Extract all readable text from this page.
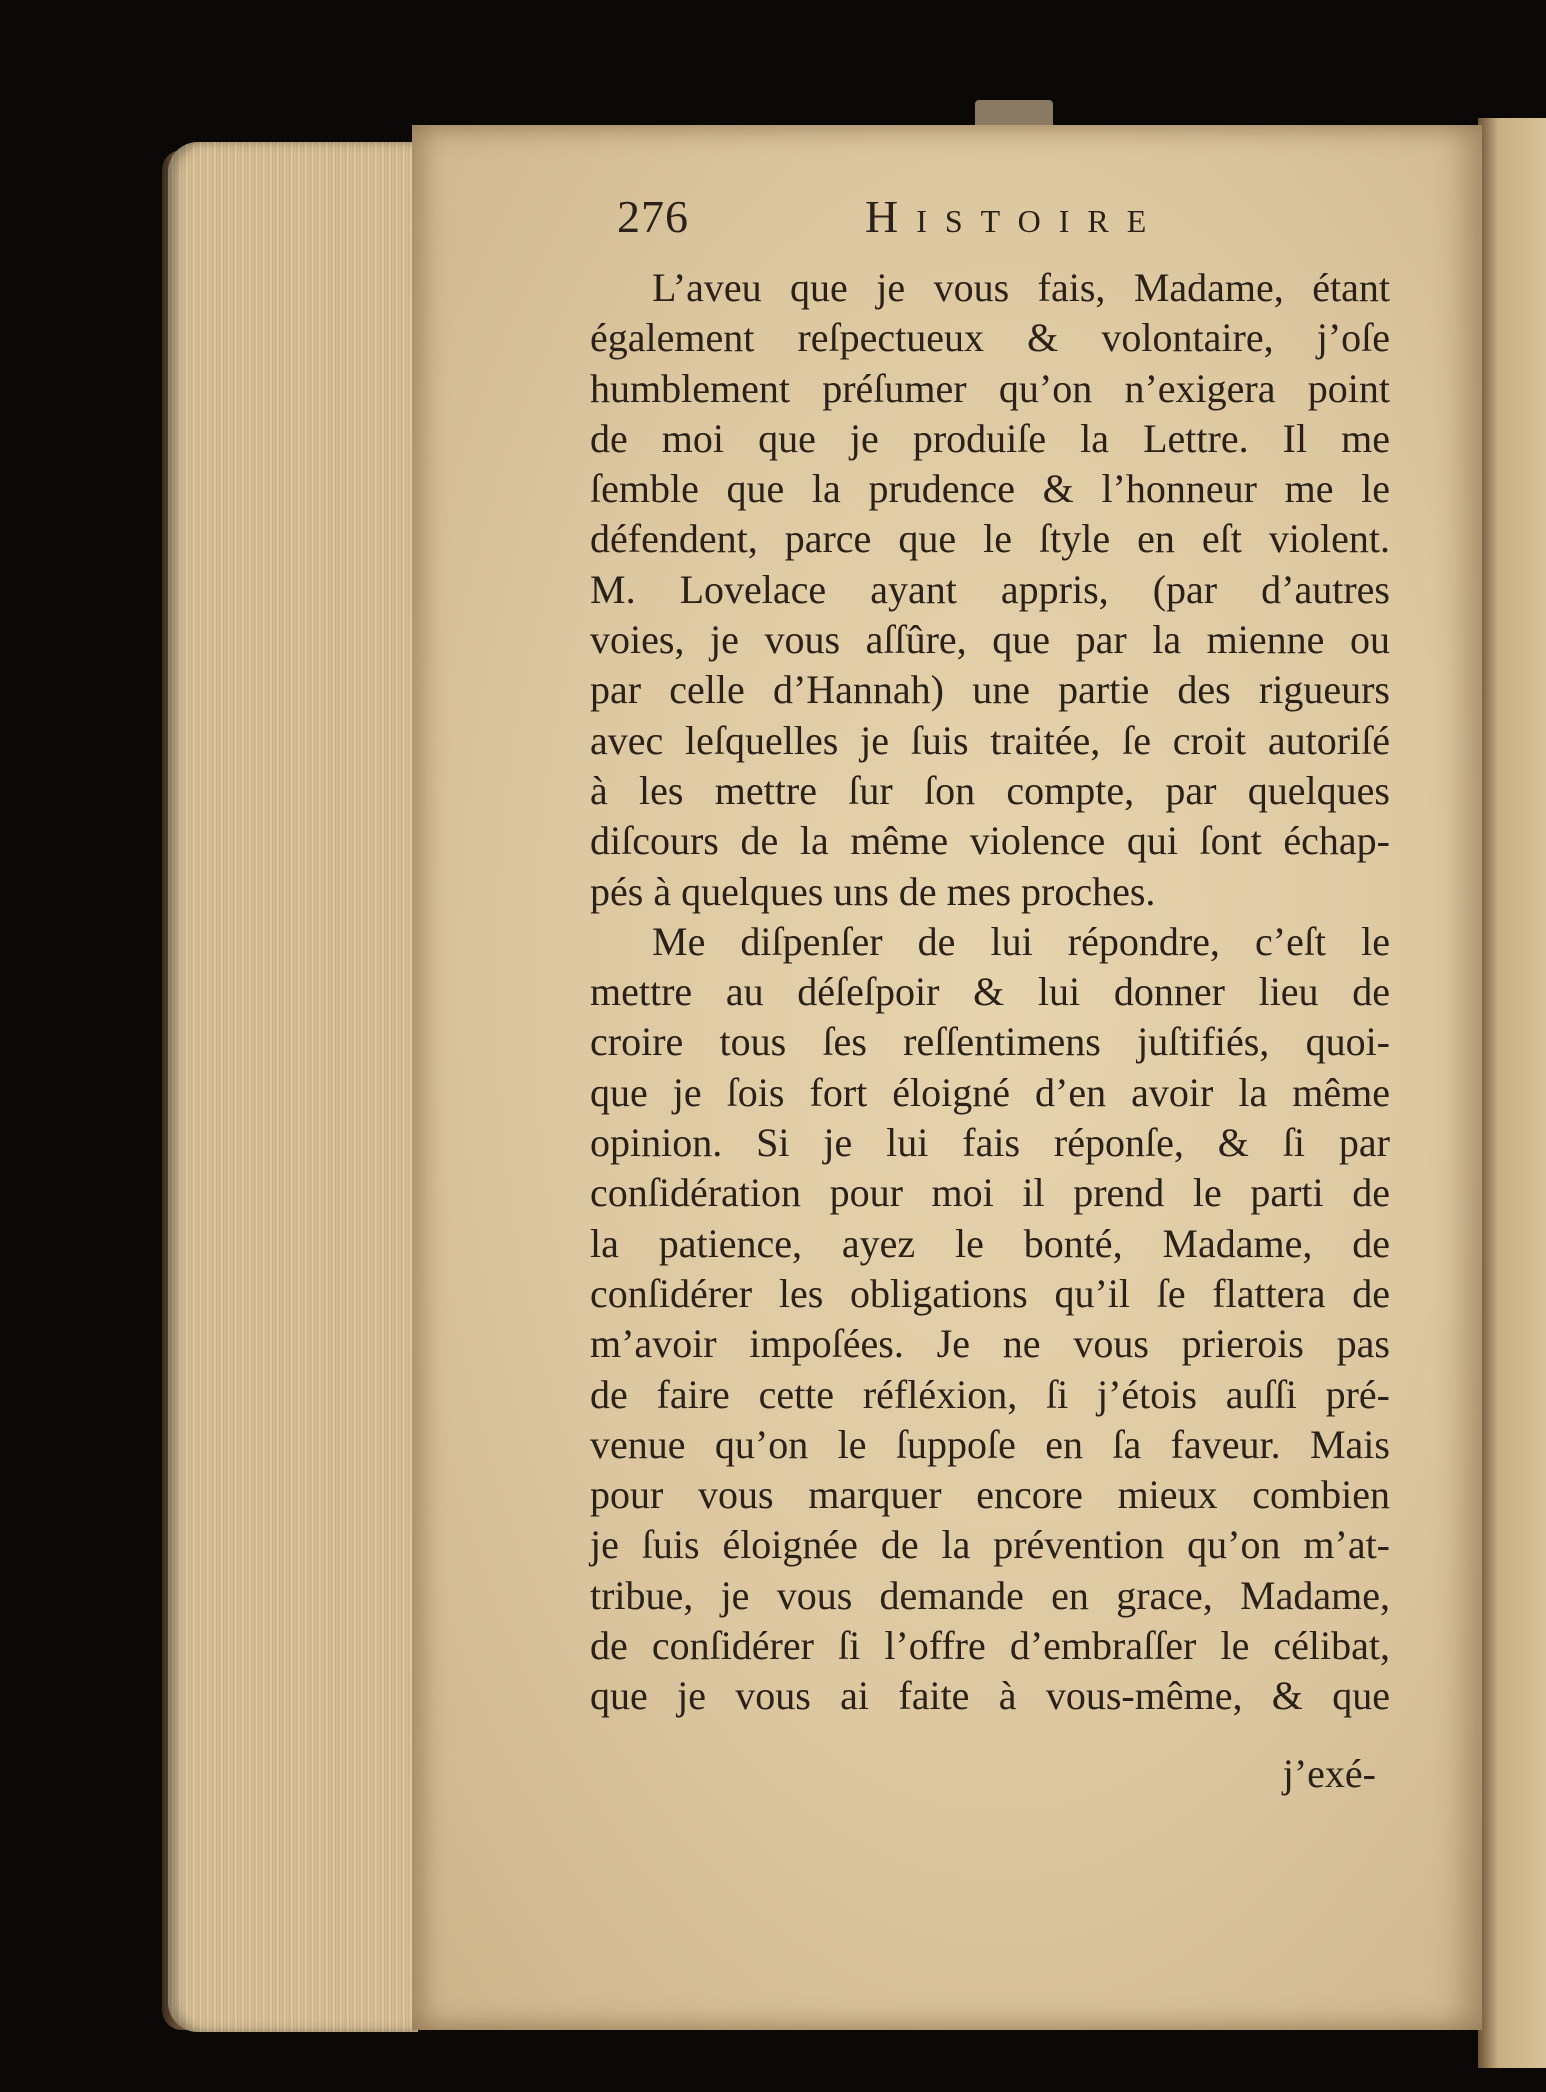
276	Histoire
L’aveu que je vous fais, Madame, étant
également reſpectueux & volontaire, j’oſe
humblement préſumer qu’on n’exigera point
de moi que je produiſe la Lettre. Il me
ſemble que la prudence & l’honneur me le
défendent, parce que le ſtyle en eſt violent.
M. Lovelace ayant appris, (par d’autres
voies, je vous aſſûre, que par la mienne ou
par celle d’Hannah) une partie des rigueurs
avec leſquelles je ſuis traitée, ſe croit autoriſé
à les mettre ſur ſon compte, par quelques
diſcours de la même violence qui ſont échap-
pés à quelques uns de mes proches.
Me diſpenſer de lui répondre, c’eſt le
mettre au déſeſpoir & lui donner lieu de
croire tous ſes reſſentimens juſtifiés, quoi-
que je ſois fort éloigné d’en avoir la même
opinion. Si je lui fais réponſe, & ſi par
conſidération pour moi il prend le parti de
la patience, ayez le bonté, Madame, de
conſidérer les obligations qu’il ſe flattera de
m’avoir impoſées. Je ne vous prierois pas
de faire cette réfléxion, ſi j’étois auſſi pré-
venue qu’on le ſuppoſe en ſa faveur. Mais
pour vous marquer encore mieux combien
je ſuis éloignée de la prévention qu’on m’at-
tribue, je vous demande en grace, Madame,
de conſidérer ſi l’offre d’embraſſer le célibat,
que je vous ai faite à vous-même, & que
j’exé-
